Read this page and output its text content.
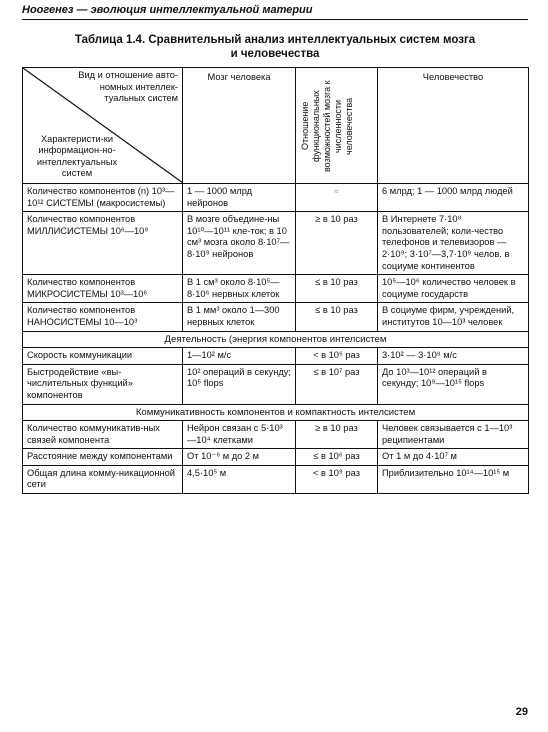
Ноогенез — эволюция интеллектуальной материи
Таблица 1.4. Сравнительный анализ интеллектуальных систем мозга
и человечества
Вид и отношение авто-номных интеллек-туальных систем
Характеристи-ки информацион-но-интеллектуальных систем	Мозг человека	Отношение функциональных возможностей мозга к численности человечества	Человечество
Количество компонентов (n) 10³—10¹² СИСТЕМЫ (макросистемы)	1 — 1000 млрд нейронов	≈	6 млрд; 1 — 1000 млрд людей
Количество компонентов МИЛЛИСИСТЕМЫ 10⁶—10⁹	В мозге объедине-ны 10¹⁰—10¹¹ кле-ток; в 10 см³ мозга около 8·10⁷—8·10⁹ нейронов	≥ в 10 раз	В Интернете 7·10⁸ пользователей; коли-чество телефонов и телевизоров — 2·10⁹; 3·10⁷—3,7·10⁹ челов. в социуме континентов
Количество компонентов МИКРОСИСТЕМЫ 10³—10⁶	В 1 см³ около 8·10⁵—8·10⁶ нервных клеток	≤ в 10 раз	10⁵—10⁶ количество человек в социуме государств
Количество компонентов НАНОСИСТЕМЫ 10—10³	В 1 мм³ около 1—300 нервных клеток	≤ в 10 раз	В социуме фирм, учреждений, институтов 10—10³ человек
Деятельность (энергия компонентов интелсистем			
Скорость коммуникации	1—10² м/с	< в 10⁶ раз	3·10² — 3·10⁸ м/с
Быстродействие «вы-числительных функций» компонентов	10² операций в секунду; 10⁵ flops	≤ в 10⁷ раз	До 10³—10¹² операций в секунду; 10⁹—10¹⁵ flops
Коммуникативность компонентов и компактность интелсистем			
Количество коммуникатив-ных связей компонента	Нейрон связан с 5·10³—10⁴ клетками	≥ в 10 раз	Человек связывается с 1—10³ реципиентами
Расстояние между компонентами	От 10⁻⁶ м до 2 м	≤ в 10⁶ раз	От 1 м до 4·10⁷ м
Общая длина комму-никационной сети	4,5·10⁵ м	< в 10⁹ раз	Приблизительно 10¹⁴—10¹⁵ м
29
